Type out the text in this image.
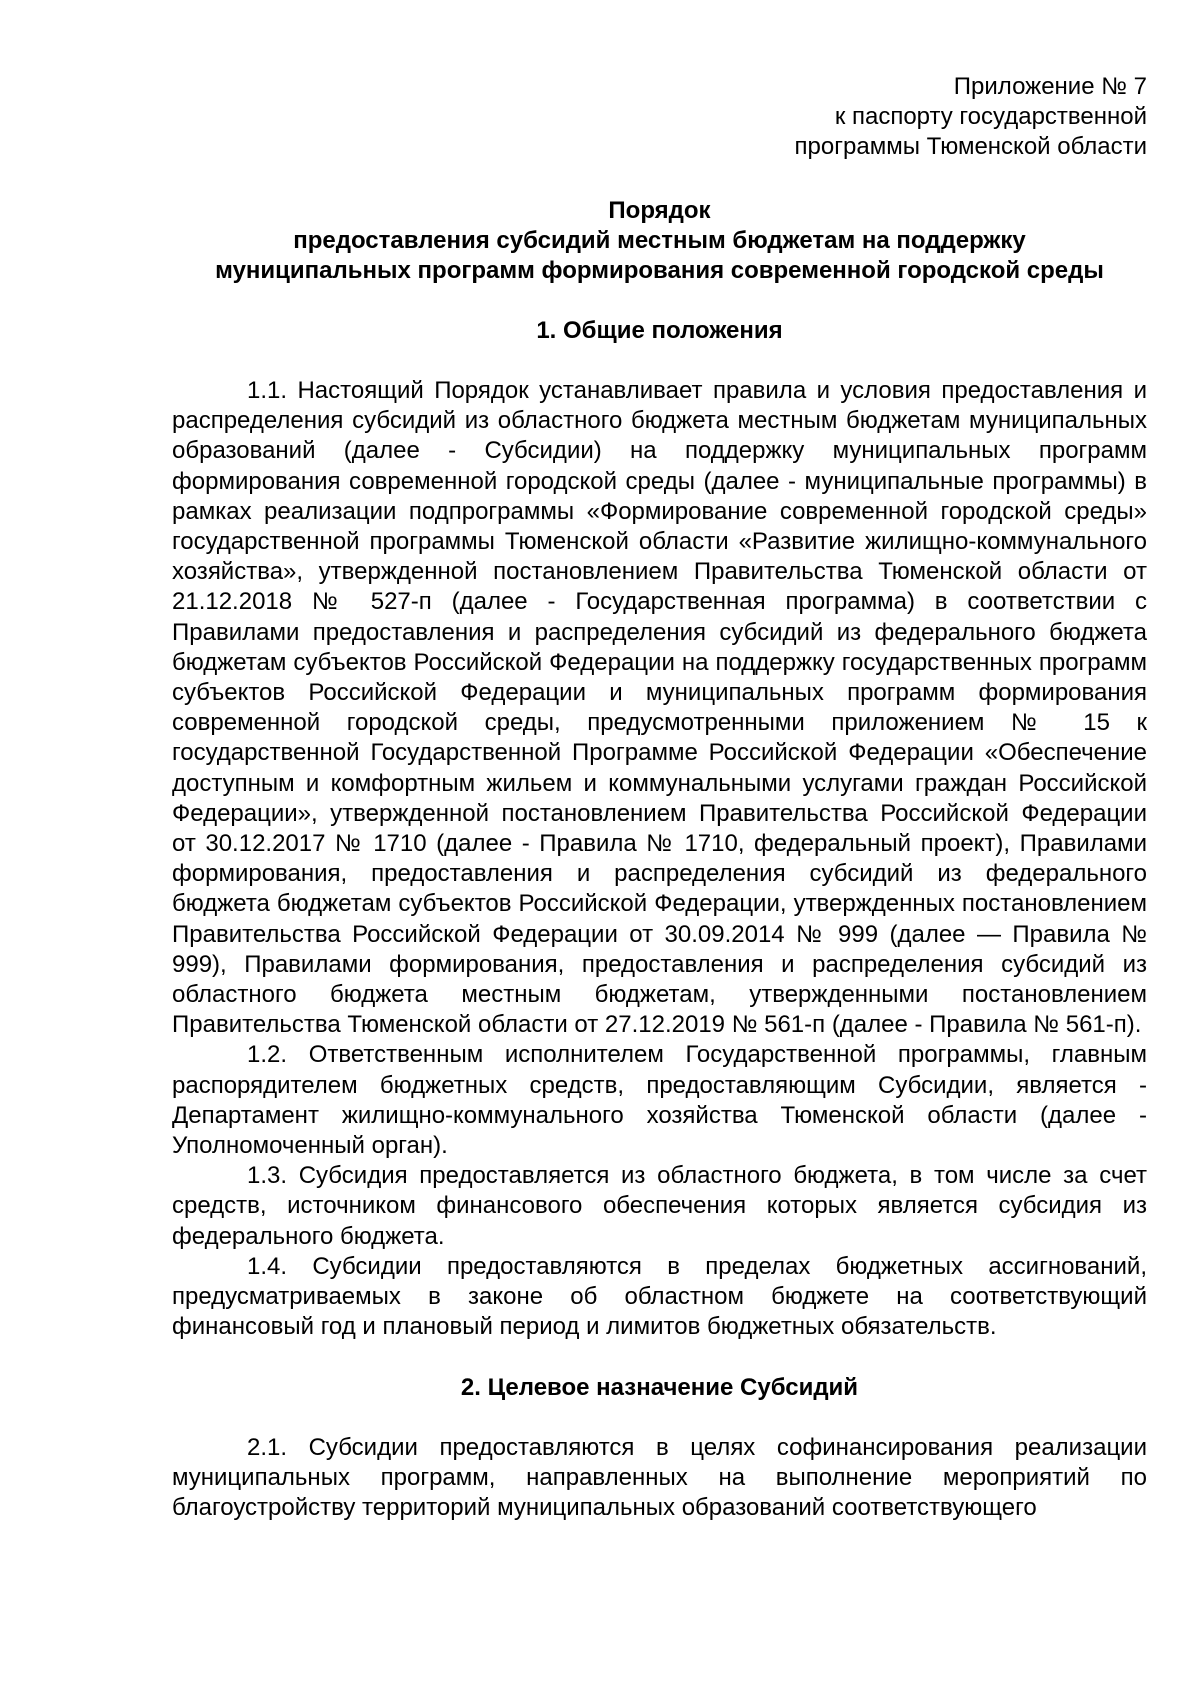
Приложение № 7
к паспорту государственной
программы Тюменской области
Порядок
предоставления субсидий местным бюджетам на поддержку
муниципальных программ формирования современной городской среды
1. Общие положения

1.1. Настоящий Порядок устанавливает правила и условия предоставления и распределения субсидий из областного бюджета местным бюджетам муниципальных образований (далее - Субсидии) на поддержку муниципальных программ формирования современной городской среды (далее - муниципальные программы) в рамках реализации подпрограммы «Формирование современной городской среды» государственной программы Тюменской области «Развитие жилищно-коммунального хозяйства», утвержденной постановлением Правительства Тюменской области от 21.12.2018 № 527-п (далее - Государственная программа) в соответствии с Правилами предоставления и распределения субсидий из федерального бюджета бюджетам субъектов Российской Федерации на поддержку государственных программ субъектов Российской Федерации и муниципальных программ формирования современной городской среды, предусмотренными приложением № 15 к государственной Государственной Программе Российской Федерации «Обеспечение доступным и комфортным жильем и коммунальными услугами граждан Российской Федерации», утвержденной постановлением Правительства Российской Федерации от 30.12.2017 № 1710 (далее - Правила № 1710, федеральный проект), Правилами формирования, предоставления и распределения субсидий из федерального бюджета бюджетам субъектов Российской Федерации, утвержденных постановлением Правительства Российской Федерации от 30.09.2014 № 999 (далее — Правила № 999), Правилами формирования, предоставления и распределения субсидий из областного бюджета местным бюджетам, утвержденными постановлением Правительства Тюменской области от 27.12.2019 № 561-п (далее - Правила № 561-п).

1.2. Ответственным исполнителем Государственной программы, главным распорядителем бюджетных средств, предоставляющим Субсидии, является - Департамент жилищно-коммунального хозяйства Тюменской области (далее - Уполномоченный орган).

1.3. Субсидия предоставляется из областного бюджета, в том числе за счет средств, источником финансового обеспечения которых является субсидия из федерального бюджета.

1.4. Субсидии предоставляются в пределах бюджетных ассигнований, предусматриваемых в законе об областном бюджете на соответствующий финансовый год и плановый период и лимитов бюджетных обязательств.

2. Целевое назначение Субсидий

2.1. Субсидии предоставляются в целях софинансирования реализации муниципальных программ, направленных на выполнение мероприятий по благоустройству территорий муниципальных образований соответствующего
